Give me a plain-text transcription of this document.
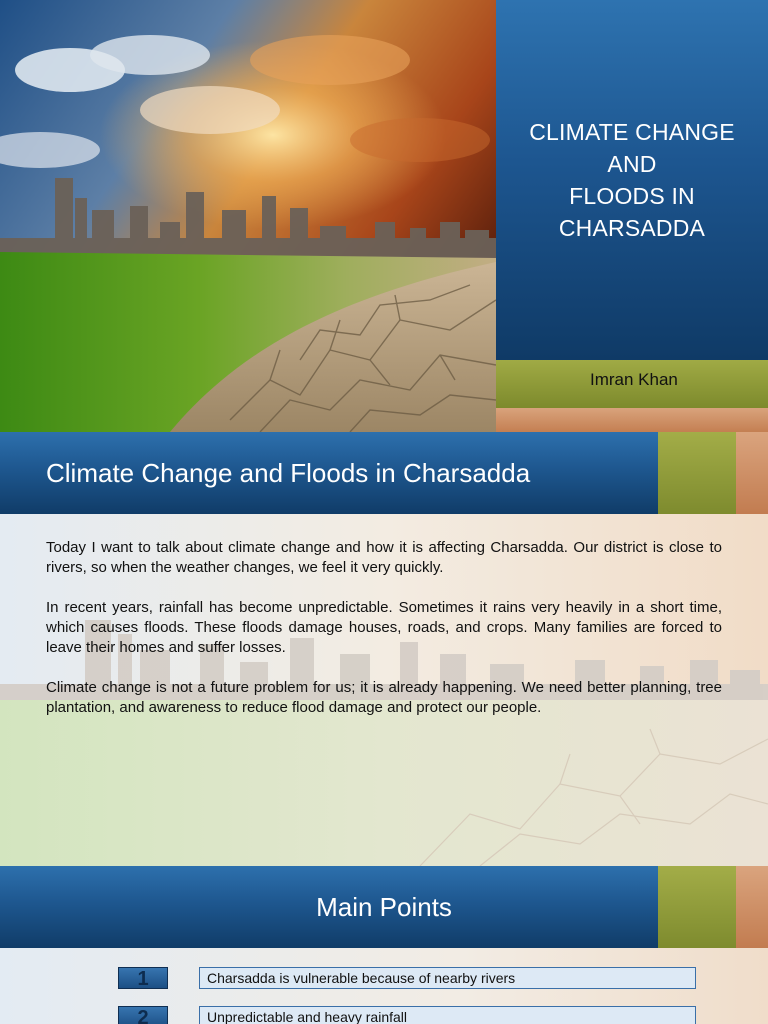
CLIMATE CHANGE
AND
FLOODS IN
CHARSADDA
Imran Khan
Climate Change and Floods in Charsadda

Today I want to talk about climate change and how it is affecting Charsadda. Our district is close to rivers, so when the weather changes, we feel it very quickly.

In recent years, rainfall has become unpredictable. Sometimes it rains very heavily in a short time, which causes floods. These floods damage houses, roads, and crops. Many families are forced to leave their homes and suffer losses.

Climate change is not a future problem for us; it is already happening. We need better planning, tree plantation, and awareness to reduce flood damage and protect our people.

Main Points
1	Charsadda is vulnerable because of nearby rivers
2	Unpredictable and heavy rainfall
